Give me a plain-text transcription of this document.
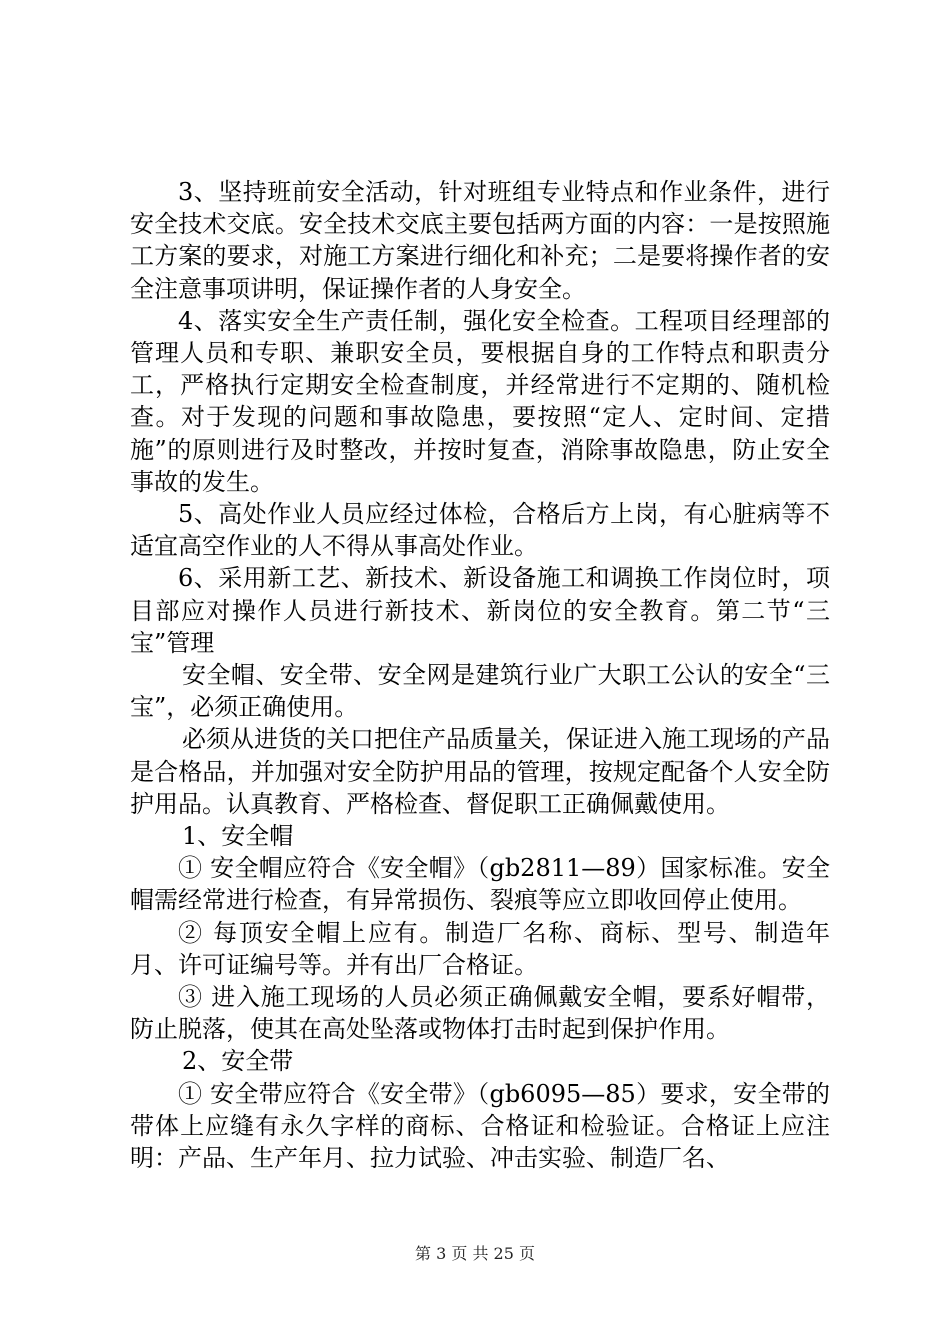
3、坚持班前安全活动，针对班组专业特点和作业条件，进行安全技术交底。安全技术交底主要包括两方面的内容：一是按照施工方案的要求，对施工方案进行细化和补充；二是要将操作者的安全注意事项讲明，保证操作者的人身安全。

4、落实安全生产责任制，强化安全检查。工程项目经理部的管理人员和专职、兼职安全员，要根据自身的工作特点和职责分工，严格执行定期安全检查制度，并经常进行不定期的、随机检查。对于发现的问题和事故隐患，要按照“定人、定时间、定措施”的原则进行及时整改，并按时复查，消除事故隐患，防止安全事故的发生。

5、高处作业人员应经过体检，合格后方上岗，有心脏病等不适宜高空作业的人不得从事高处作业。

6、采用新工艺、新技术、新设备施工和调换工作岗位时，项目部应对操作人员进行新技术、新岗位的安全教育。第二节“三宝”管理

安全帽、安全带、安全网是建筑行业广大职工公认的安全“三宝”，必须正确使用。

必须从进货的关口把住产品质量关，保证进入施工现场的产品是合格品，并加强对安全防护用品的管理，按规定配备个人安全防护用品。认真教育、严格检查、督促职工正确佩戴使用。

1、安全帽

① 安全帽应符合《安全帽》（gb2811—89）国家标准。安全帽需经常进行检查，有异常损伤、裂痕等应立即收回停止使用。

② 每顶安全帽上应有。制造厂名称、商标、型号、制造年月、许可证编号等。并有出厂合格证。

③ 进入施工现场的人员必须正确佩戴安全帽，要系好帽带，防止脱落，使其在高处坠落或物体打击时起到保护作用。

2、安全带

① 安全带应符合《安全带》（gb6095—85）要求，安全带的带体上应缝有永久字样的商标、合格证和检验证。合格证上应注明：产品、生产年月、拉力试验、冲击实验、制造厂名、

第 3 页 共 25 页
